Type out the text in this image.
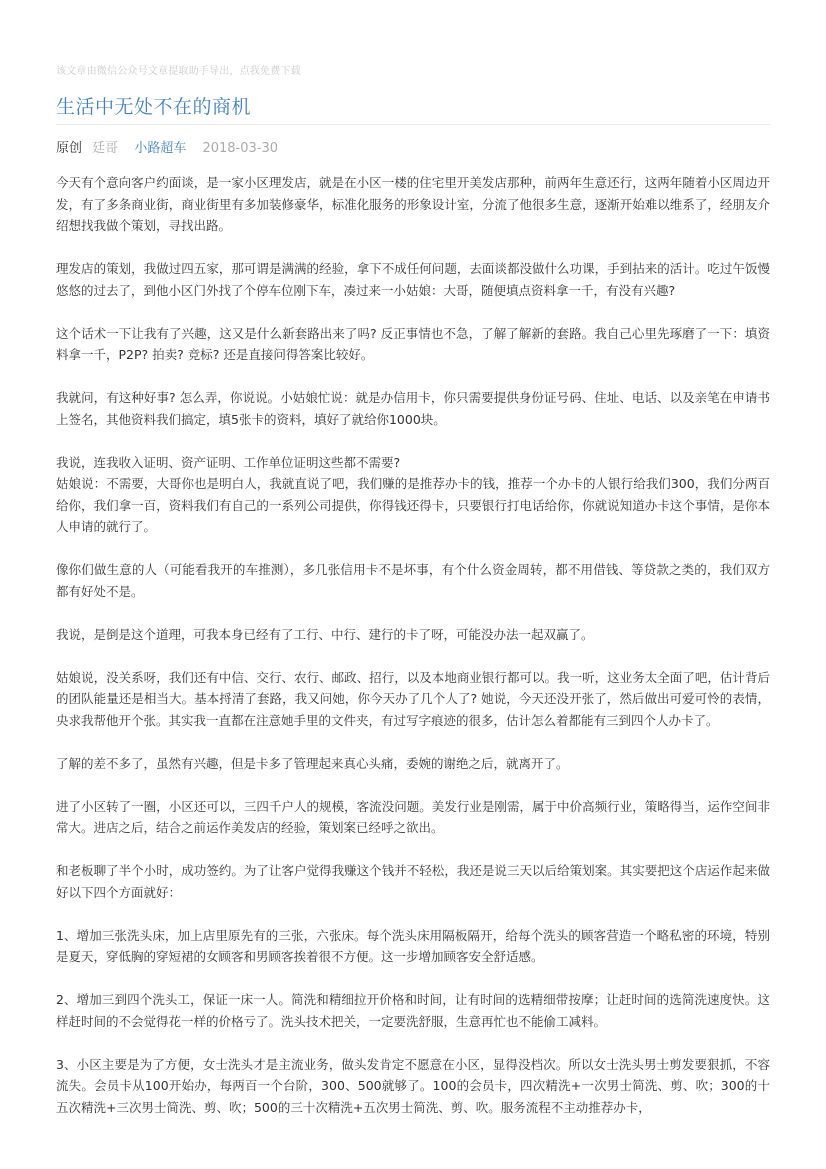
该文章由微信公众号文章提取助手导出，点我免费下载
生活中无处不在的商机
原创 廷哥 小路超车 2018-03-30

今天有个意向客户约面谈，是一家小区理发店，就是在小区一楼的住宅里开美发店那种，前两年生意还行，这两年随着小区周边开发，有了多条商业街，商业街里有多加装修豪华，标准化服务的形象设计室，分流了他很多生意，逐渐开始难以维系了，经朋友介绍想找我做个策划，寻找出路。

理发店的策划，我做过四五家，那可谓是满满的经验，拿下不成任何问题，去面谈都没做什么功课，手到拈来的活计。吃过午饭慢悠悠的过去了，到他小区门外找了个停车位刚下车，凑过来一小姑娘：大哥，随便填点资料拿一千，有没有兴趣?

这个话术一下让我有了兴趣，这又是什么新套路出来了吗? 反正事情也不急，了解了解新的套路。我自己心里先琢磨了一下：填资料拿一千，P2P? 拍卖? 竞标? 还是直接问得答案比较好。

我就问，有这种好事? 怎么弄，你说说。小姑娘忙说：就是办信用卡，你只需要提供身份证号码、住址、电话、以及亲笔在申请书上签名，其他资料我们搞定，填5张卡的资料，填好了就给你1000块。

我说，连我收入证明、资产证明、工作单位证明这些都不需要?

姑娘说：不需要，大哥你也是明白人，我就直说了吧，我们赚的是推荐办卡的钱，推荐一个办卡的人银行给我们300，我们分两百给你，我们拿一百，资料我们有自己的一系列公司提供，你得钱还得卡，只要银行打电话给你，你就说知道办卡这个事情，是你本人申请的就行了。

像你们做生意的人（可能看我开的车推测），多几张信用卡不是坏事，有个什么资金周转，都不用借钱、等贷款之类的，我们双方都有好处不是。

我说，是倒是这个道理，可我本身已经有了工行、中行、建行的卡了呀，可能没办法一起双赢了。

姑娘说，没关系呀，我们还有中信、交行、农行、邮政、招行，以及本地商业银行都可以。我一听，这业务太全面了吧，估计背后的团队能量还是相当大。基本捋清了套路，我又问她，你今天办了几个人了? 她说，今天还没开张了，然后做出可爱可怜的表情，央求我帮他开个张。其实我一直都在注意她手里的文件夹，有过写字痕迹的很多，估计怎么着都能有三到四个人办卡了。

了解的差不多了，虽然有兴趣，但是卡多了管理起来真心头痛，委婉的谢绝之后，就离开了。

进了小区转了一圈，小区还可以，三四千户人的规模，客流没问题。美发行业是刚需，属于中价高频行业，策略得当，运作空间非常大。进店之后，结合之前运作美发店的经验，策划案已经呼之欲出。

和老板聊了半个小时，成功签约。为了让客户觉得我赚这个钱并不轻松，我还是说三天以后给策划案。其实要把这个店运作起来做好以下四个方面就好：

1、增加三张洗头床，加上店里原先有的三张，六张床。每个洗头床用隔板隔开，给每个洗头的顾客营造一个略私密的环境，特别是夏天，穿低胸的穿短裙的女顾客和男顾客挨着很不方便。这一步增加顾客安全舒适感。

2、增加三到四个洗头工，保证一床一人。简洗和精细拉开价格和时间，让有时间的选精细带按摩；让赶时间的选简洗速度快。这样赶时间的不会觉得花一样的价格亏了。洗头技术把关，一定要洗舒服，生意再忙也不能偷工减料。

3、小区主要是为了方便，女士洗头才是主流业务，做头发肯定不愿意在小区，显得没档次。所以女士洗头男士剪发要狠抓，不容流失。会员卡从100开始办，每两百一个台阶，300、500就够了。100的会员卡，四次精洗+一次男士简洗、剪、吹；300的十五次精洗+三次男士简洗、剪、吹；500的三十次精洗+五次男士简洗、剪、吹。服务流程不主动推荐办卡，
